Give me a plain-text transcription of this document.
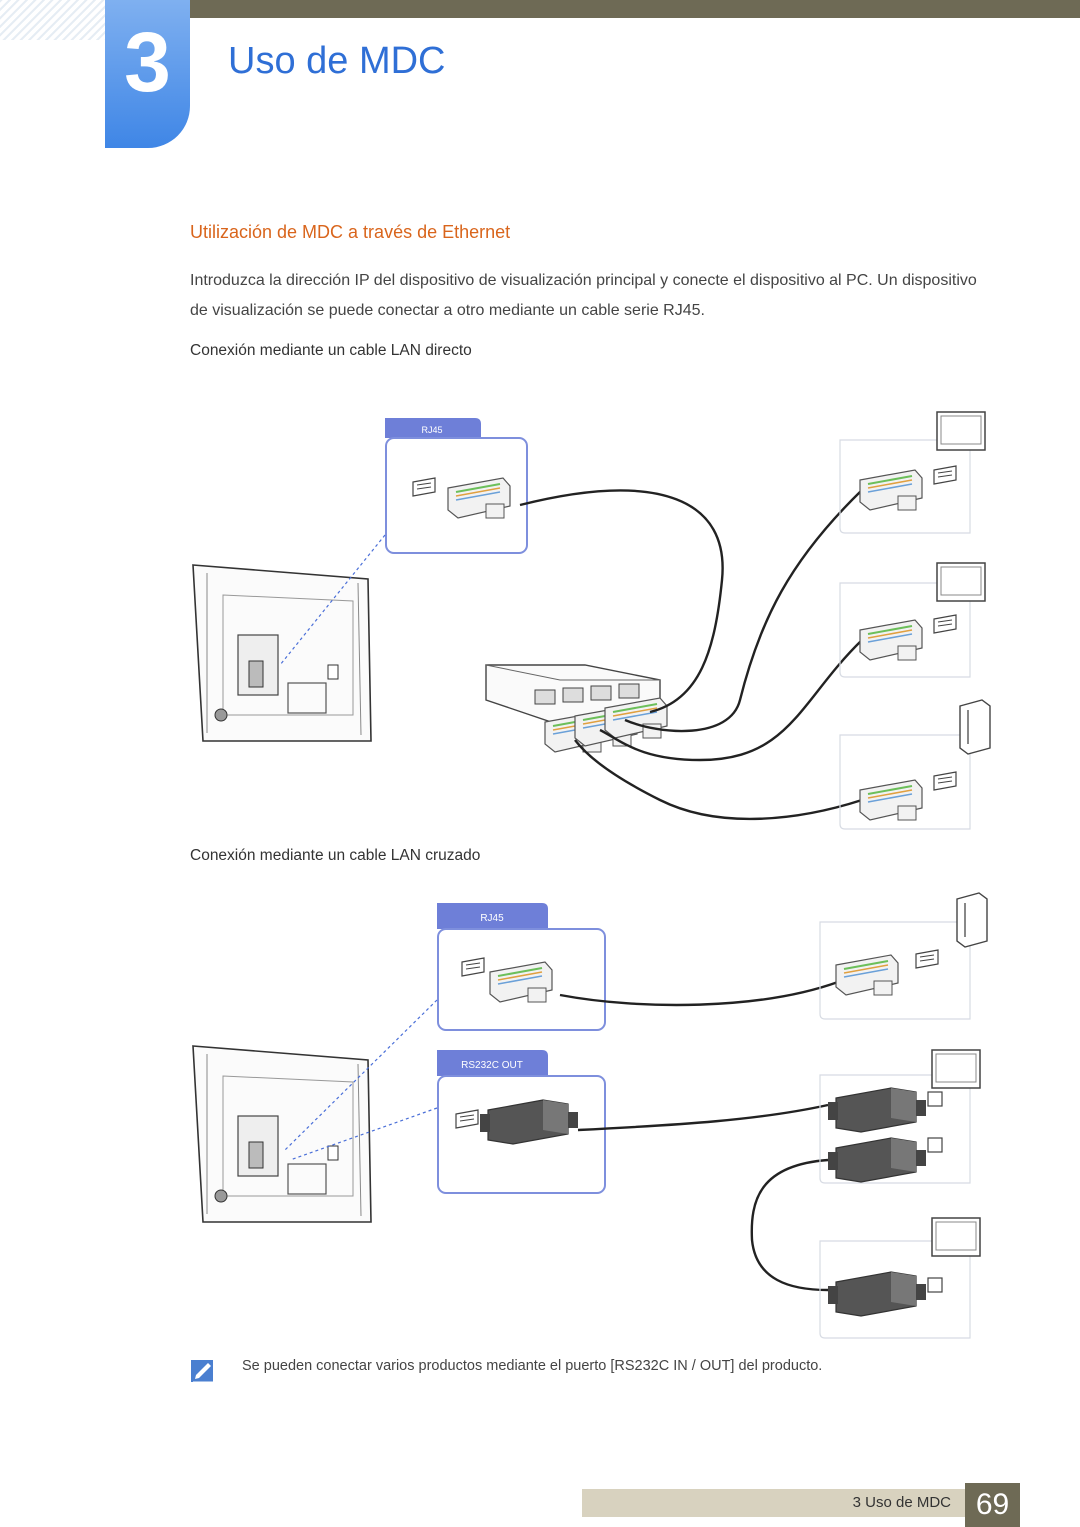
3	Uso de MDC
Utilización de MDC a través de Ethernet
Introduzca la dirección IP del dispositivo de visualización principal y conecte el dispositivo al PC. Un dispositivo de visualización se puede conectar a otro mediante un cable serie RJ45.
Conexión mediante un cable LAN directo
Conexión mediante un cable LAN cruzado
RJ45
RJ45
RS232C OUT
Se pueden conectar varios productos mediante el puerto [RS232C IN / OUT] del producto.
3 Uso de MDC 69
